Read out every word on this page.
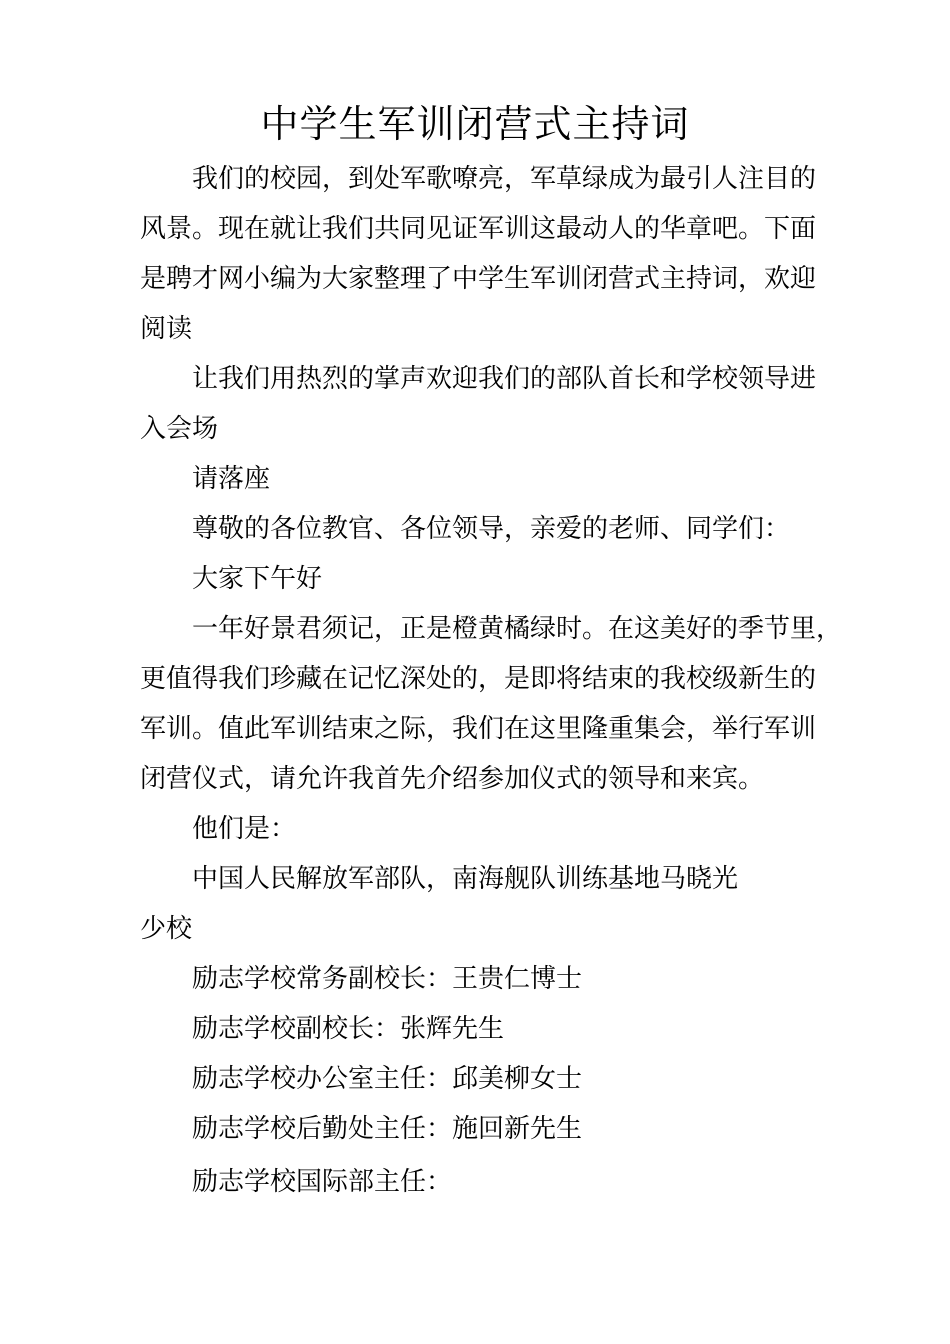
中学生军训闭营式主持词
我们的校园，到处军歌嘹亮，军草绿成为最引人注目的
风景。现在就让我们共同见证军训这最动人的华章吧。下面
是聘才网小编为大家整理了中学生军训闭营式主持词，欢迎
阅读
让我们用热烈的掌声欢迎我们的部队首长和学校领导进
入会场
请落座
尊敬的各位教官、各位领导，亲爱的老师、同学们：
大家下午好
一年好景君须记，正是橙黄橘绿时。在这美好的季节里，
更值得我们珍藏在记忆深处的，是即将结束的我校级新生的
军训。值此军训结束之际，我们在这里隆重集会，举行军训
闭营仪式，请允许我首先介绍参加仪式的领导和来宾。
他们是：
中国人民解放军部队，南海舰队训练基地马晓光
少校
励志学校常务副校长：王贵仁博士
励志学校副校长：张辉先生
励志学校办公室主任：邱美柳女士
励志学校后勤处主任：施回新先生
励志学校国际部主任：
